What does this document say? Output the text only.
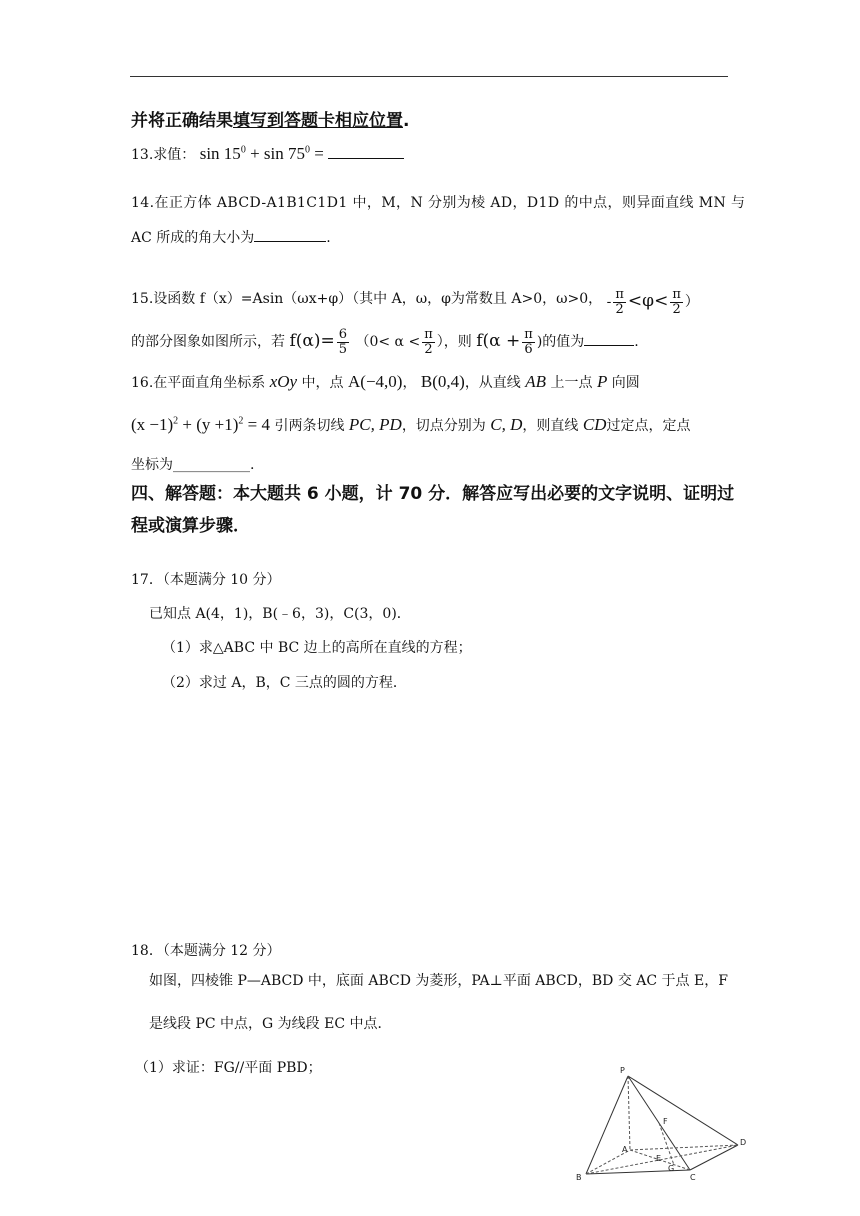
并将正确结果填写到答题卡相应位置.
13.求值： $\sin 15^0 + \sin 75^0$ =
14.在正方体 ABCD-A1B1C1D1 中，M，N 分别为棱 AD，D1D 的中点，则异面直线 MN 与
AC 所成的角大小为	.
15.设函数 f（x）=Asin（ωx+φ）（其中 A，ω，φ为常数且 A>0，ω>0， - $\frac{\pi}{2} <\varphi< \frac{\pi}{2}$ ）
的部分图象如图所示，若 $f(\alpha)= \frac{6}{5} (0< \alpha < \frac{\pi}{2}$ ），则 $f(\alpha + \frac{\pi}{6}$ )的值为	.
16.在平面直角坐标系 xOy 中，点 A(−4,0)， B(0,4)，从直线 AB 上一点 P 向圆
$(x -1)^2 + (y +1)^2 = 4$ 引两条切线 PC, PD，切点分别为 C, D，则直线 CD过定点，定点
坐标为___________.
四、解答题：本大题共 6 小题，计 70 分．解答应写出必要的文字说明、证明过
程或演算步骤．
17．（本题满分 10 分）
已知点 A(4，1)，B(﹣6，3)，C(3，0)．
（1）求△ABC 中 BC 边上的高所在直线的方程；
（2）求过 A，B，C 三点的圆的方程．
18．（本题满分 12 分）
如图，四棱锥 P—ABCD 中，底面 ABCD 为菱形，PA⊥平面 ABCD，BD 交 AC 于点 E，F
是线段 PC 中点，G 为线段 EC 中点．
（1）求证：FG//平面 PBD；	P
A
B	C
D
E
F
G
